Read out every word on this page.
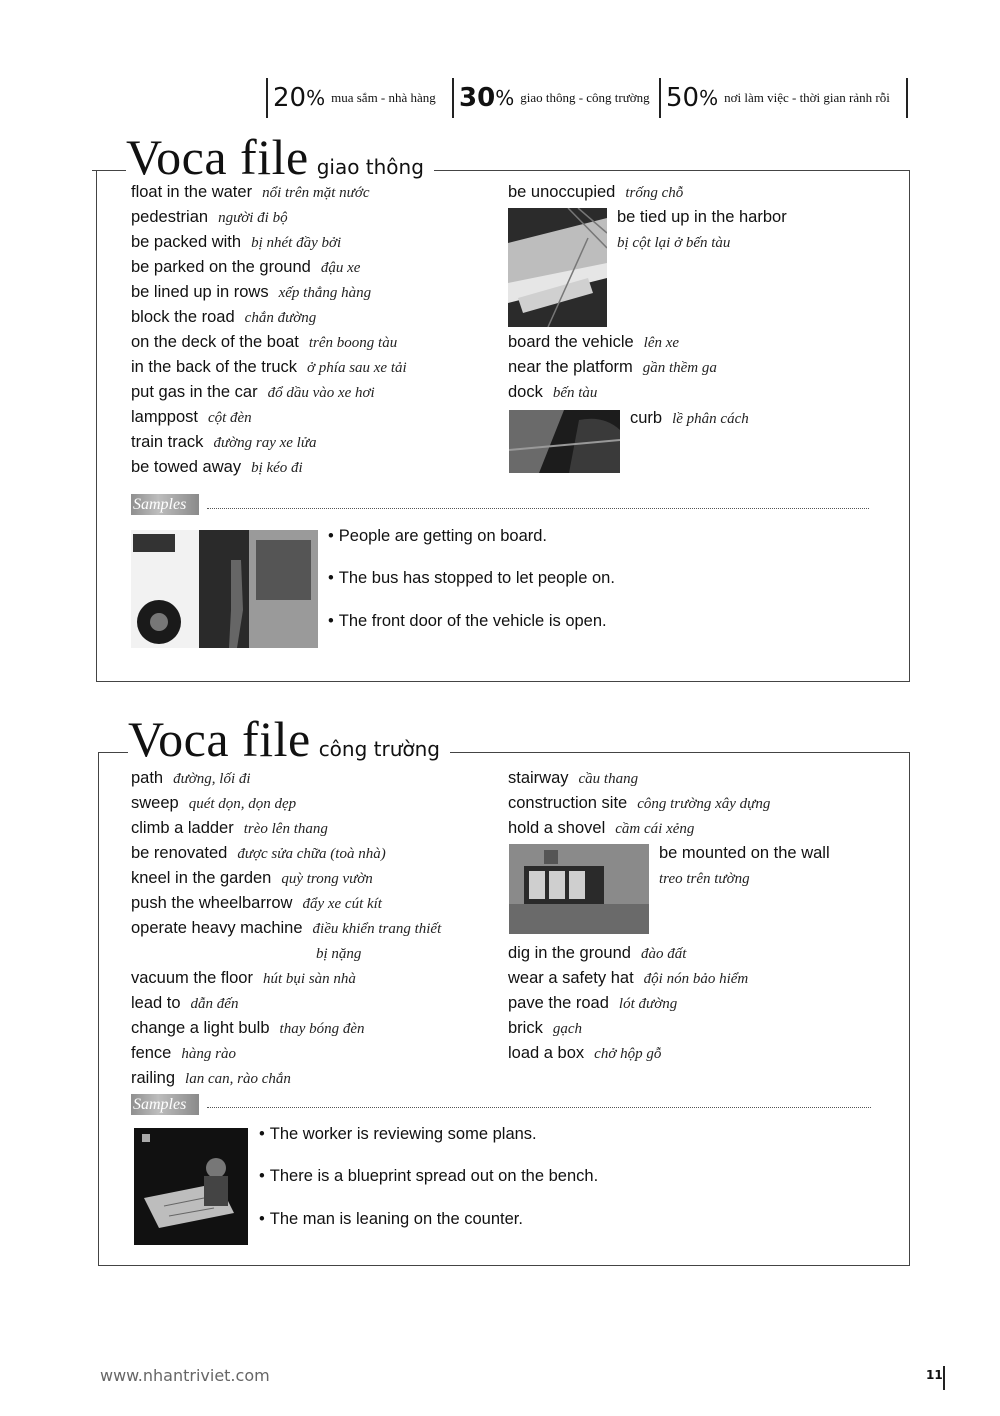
20 % mua sắm - nhà hàng 30 % giao thông - công trường 50 % nơi làm việc - thời gian rảnh rỗi
Voca file giao thông
float in the water nổi trên mặt nước
pedestrian người đi bộ
be packed with bị nhét đầy bởi
be parked on the ground đậu xe
be lined up in rows xếp thẳng hàng
block the road chắn đường
on the deck of the boat trên boong tàu
in the back of the truck ở phía sau xe tải
put gas in the car đổ dầu vào xe hơi
lamppost cột đèn
train track đường ray xe lửa
be towed away bị kéo đi
be unoccupied trống chỗ
be tied up in the harbor
bị cột lại ở bến tàu
board the vehicle lên xe
near the platform gần thềm ga
dock bến tàu
curb lề phân cách
Samples
• People are getting on board.
• The bus has stopped to let people on.
• The front door of the vehicle is open.
Voca file công trường
path đường, lối đi
sweep quét dọn, dọn dẹp
climb a ladder trèo lên thang
be renovated được sửa chữa (toà nhà)
kneel in the garden quỳ trong vườn
push the wheelbarrow đẩy xe cút kít
operate heavy machine điều khiển trang thiết
bị nặng
vacuum the floor hút bụi sàn nhà
lead to dẫn đến
change a light bulb thay bóng đèn
fence hàng rào
railing lan can, rào chắn
stairway cầu thang
construction site công trường xây dựng
hold a shovel cầm cái xẻng
be mounted on the wall
treo trên tường
dig in the ground đào đất
wear a safety hat đội nón bảo hiểm
pave the road lót đường
brick gạch
load a box chở hộp gỗ
Samples
• The worker is reviewing some plans.
• There is a blueprint spread out on the bench.
• The man is leaning on the counter.
www.nhantriviet.com	11
